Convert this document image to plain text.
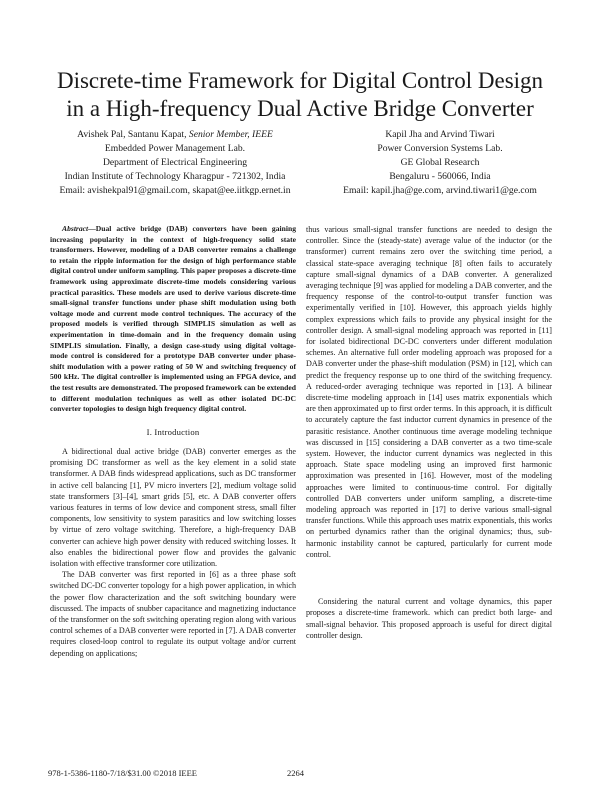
Discrete-time Framework for Digital Control Design
in a High-frequency Dual Active Bridge Converter
Avishek Pal, Santanu Kapat, Senior Member, IEEE
Embedded Power Management Lab.
Department of Electrical Engineering
Indian Institute of Technology Kharagpur - 721302, India
Email: avishekpal91@gmail.com, skapat@ee.iitkgp.ernet.in
Kapil Jha and Arvind Tiwari
Power Conversion Systems Lab.
GE Global Research
Bengaluru - 560066, India
Email: kapil.jha@ge.com, arvind.tiwari1@ge.com

Abstract—Dual active bridge (DAB) converters have been gaining increasing popularity in the context of high-frequency solid state transformers. However, modeling of a DAB converter remains a challenge to retain the ripple information for the design of high performance stable digital control under uniform sampling. This paper proposes a discrete-time framework using approximate discrete-time models considering various practical parasitics. These models are used to derive various discrete-time small-signal transfer functions under phase shift modulation using both voltage mode and current mode control techniques. The accuracy of the proposed models is verified through SIMPLIS simulation as well as experimentation in time-domain and in the frequency domain using SIMPLIS simulation. Finally, a design case-study using digital voltage-mode control is considered for a prototype DAB converter under phase-shift modulation with a power rating of 50 W and switching frequency of 500 kHz. The digital controller is implemented using an FPGA device, and the test results are demonstrated. The proposed framework can be extended to different modulation techniques as well as other isolated DC-DC converter topologies to design high frequency digital control.

I. Introduction

A bidirectional dual active bridge (DAB) converter emerges as the promising DC transformer as well as the key element in a solid state transformer. A DAB finds widespread applications, such as DC transformer in active cell balancing [1], PV micro inverters [2], medium voltage solid state transformers [3]–[4], smart grids [5], etc. A DAB converter offers various features in terms of low device and component stress, small filter components, low sensitivity to system parasitics and low switching losses by virtue of zero voltage switching. Therefore, a high-frequency DAB converter can achieve high power density with reduced switching losses. It also enables the bidirectional power flow and provides the galvanic isolation with effective transformer core utilization.

The DAB converter was first reported in [6] as a three phase soft switched DC-DC converter topology for a high power application, in which the power flow characterization and the soft switching boundary were discussed. The impacts of snubber capacitance and magnetizing inductance of the transformer on the soft switching operating region along with various control schemes of a DAB converter were reported in [7]. A DAB converter requires closed-loop control to regulate its output voltage and/or current depending on applications;

thus various small-signal transfer functions are needed to design the controller. Since the (steady-state) average value of the inductor (or the transformer) current remains zero over the switching time period, a classical state-space averaging technique [8] often fails to accurately capture small-signal dynamics of a DAB converter. A generalized averaging technique [9] was applied for modeling a DAB converter, and the frequency response of the control-to-output transfer function was experimentally verified in [10]. However, this approach yields highly complex expressions which fails to provide any physical insight for the controller design. A small-signal modeling approach was reported in [11] for isolated bidirectional DC-DC converters under different modulation schemes. An alternative full order modeling approach was proposed for a DAB converter under the phase-shift modulation (PSM) in [12], which can predict the frequency response up to one third of the switching frequency. A reduced-order averaging technique was reported in [13]. A bilinear discrete-time modeling approach in [14] uses matrix exponentials which are then approximated up to first order terms. In this approach, it is difficult to accurately capture the fast inductor current dynamics in presence of the parasitic resistance. Another continuous time average modeling technique was discussed in [15] considering a DAB converter as a two time-scale system. However, the inductor current dynamics was neglected in this approach. State space modeling using an improved first harmonic approximation was presented in [16]. However, most of the modeling approaches were limited to continuous-time control. For digitally controlled DAB converters under uniform sampling, a discrete-time modeling approach was reported in [17] to derive various small-signal transfer functions. While this approach uses matrix exponentials, this works on perturbed dynamics rather than the original dynamics; thus, sub-harmonic instability cannot be captured, particularly for current mode control.

Considering the natural current and voltage dynamics, this paper proposes a discrete-time framework. which can predict both large- and small-signal behavior. This proposed approach is useful for direct digital controller design.

978-1-5386-1180-7/18/$31.00 ©2018 IEEE	2264
